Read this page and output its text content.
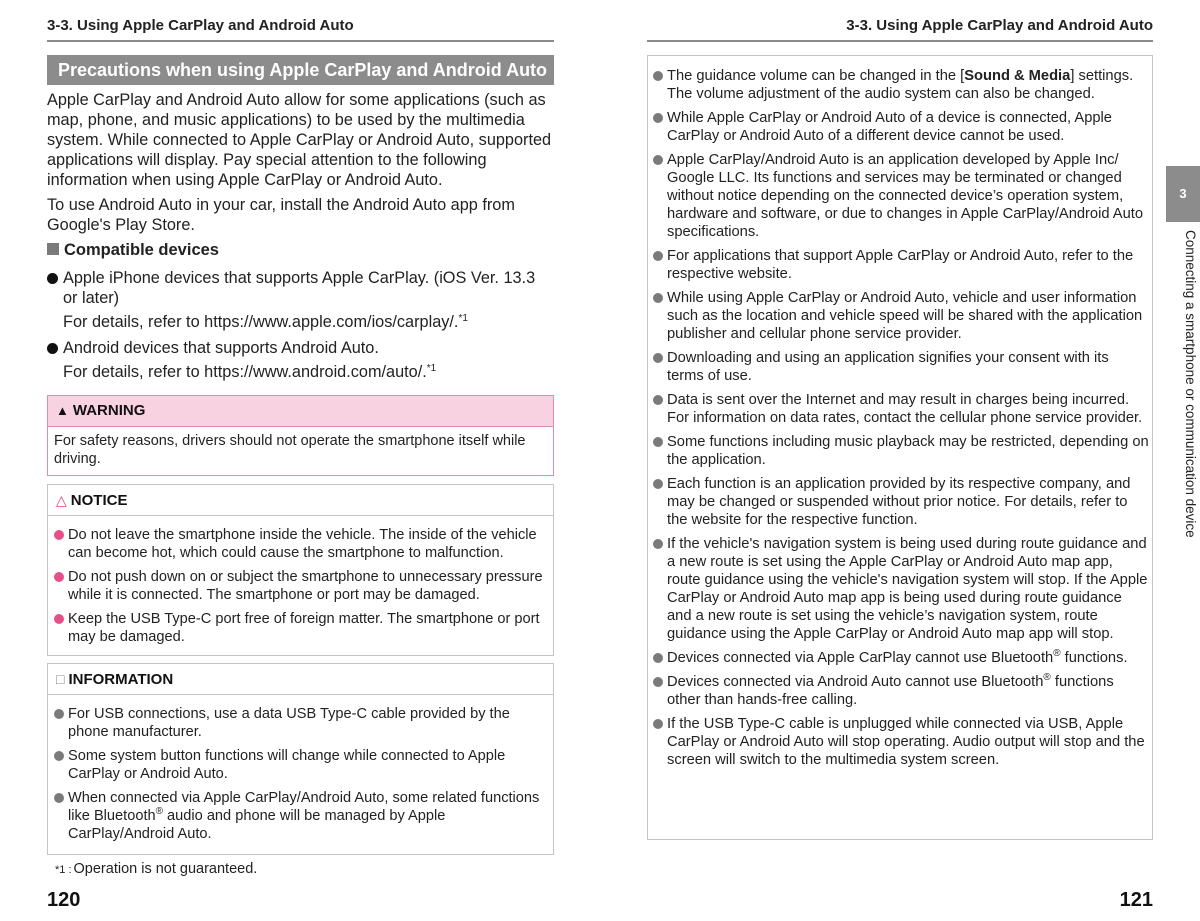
3-3. Using Apple CarPlay and Android Auto
Precautions when using Apple CarPlay and Android Auto

Apple CarPlay and Android Auto allow for some applications (such as map, phone, and music applications) to be used by the multimedia system. While connected to Apple CarPlay or Android Auto, supported applications will display. Pay special attention to the following information when using Apple CarPlay or Android Auto.

To use Android Auto in your car, install the Android Auto app from Google's Play Store.

Compatible devices
Apple iPhone devices that supports Apple CarPlay. (iOS Ver. 13.3 or later)
For details, refer to https://www.apple.com/ios/carplay/.$^{*1}$
Android devices that supports Android Auto.
For details, refer to https://www.android.com/auto/.$^{*1}$
▲ WARNING
For safety reasons, drivers should not operate the smartphone itself while driving.
△ NOTICE
Do not leave the smartphone inside the vehicle. The inside of the vehicle can become hot, which could cause the smartphone to malfunction.
Do not push down on or subject the smartphone to unnecessary pressure while it is connected. The smartphone or port may be damaged.
Keep the USB Type-C port free of foreign matter. The smartphone or port may be damaged.
□ INFORMATION
For USB connections, use a data USB Type-C cable provided by the phone manufacturer.
Some system button functions will change while connected to Apple CarPlay or Android Auto.
When connected via Apple CarPlay/Android Auto, some related functions like Bluetooth® audio and phone will be managed by Apple CarPlay/Android Auto.
*1 : Operation is not guaranteed.
120
3-3. Using Apple CarPlay and Android Auto
121
The guidance volume can be changed in the [Sound & Media] settings. The volume adjustment of the audio system can also be changed.
While Apple CarPlay or Android Auto of a device is connected, Apple CarPlay or Android Auto of a different device cannot be used.
Apple CarPlay/Android Auto is an application developed by Apple Inc/ Google LLC. Its functions and services may be terminated or changed without notice depending on the connected device’s operation system, hardware and software, or due to changes in Apple CarPlay/Android Auto specifications.
For applications that support Apple CarPlay or Android Auto, refer to the respective website.
While using Apple CarPlay or Android Auto, vehicle and user information such as the location and vehicle speed will be shared with the application publisher and cellular phone service provider.
Downloading and using an application signifies your consent with its terms of use.
Data is sent over the Internet and may result in charges being incurred. For information on data rates, contact the cellular phone service provider.
Some functions including music playback may be restricted, depending on the application.
Each function is an application provided by its respective company, and may be changed or suspended without prior notice. For details, refer to the website for the respective function.
If the vehicle's navigation system is being used during route guidance and a new route is set using the Apple CarPlay or Android Auto map app, route guidance using the vehicle's navigation system will stop. If the Apple CarPlay or Android Auto map app is being used during route guidance and a new route is set using the vehicle’s navigation system, route guidance using the Apple CarPlay or Android Auto map app will stop.
Devices connected via Apple CarPlay cannot use Bluetooth® functions.
Devices connected via Android Auto cannot use Bluetooth® functions other than hands-free calling.
If the USB Type-C cable is unplugged while connected via USB, Apple CarPlay or Android Auto will stop operating. Audio output will stop and the screen will switch to the multimedia system screen.
3
Connecting a smartphone or communication device
